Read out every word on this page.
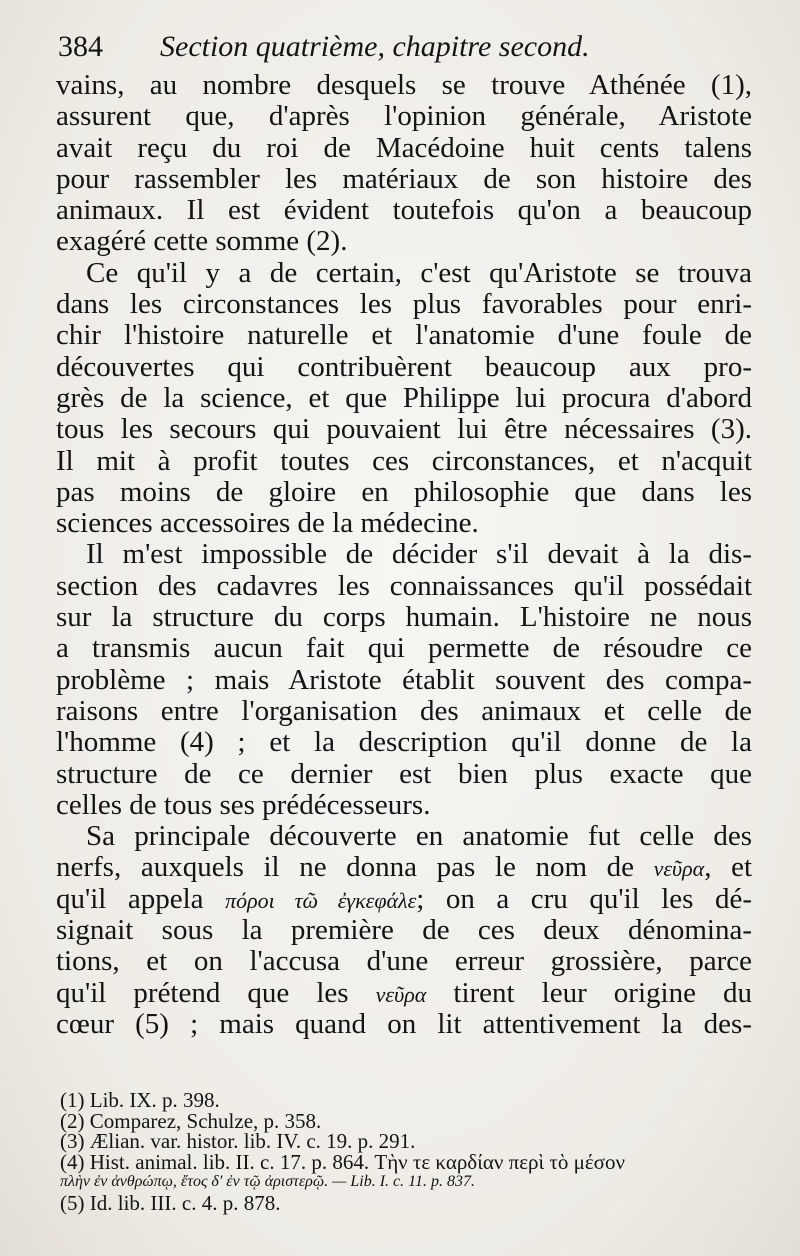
384 Section quatrième, chapitre second.
vains, au nombre desquels se trouve Athénée (1),
assurent que, d'après l'opinion générale, Aristote
avait reçu du roi de Macédoine huit cents talens
pour rassembler les matériaux de son histoire des
animaux. Il est évident toutefois qu'on a beaucoup
exagéré cette somme (2).
Ce qu'il y a de certain, c'est qu'Aristote se trouva
dans les circonstances les plus favorables pour enri-
chir l'histoire naturelle et l'anatomie d'une foule de
découvertes qui contribuèrent beaucoup aux pro-
grès de la science, et que Philippe lui procura d'abord
tous les secours qui pouvaient lui être nécessaires (3).
Il mit à profit toutes ces circonstances, et n'acquit
pas moins de gloire en philosophie que dans les
sciences accessoires de la médecine.
Il m'est impossible de décider s'il devait à la dis-
section des cadavres les connaissances qu'il possédait
sur la structure du corps humain. L'histoire ne nous
a transmis aucun fait qui permette de résoudre ce
problème ; mais Aristote établit souvent des compa-
raisons entre l'organisation des animaux et celle de
l'homme (4) ; et la description qu'il donne de la
structure de ce dernier est bien plus exacte que
celles de tous ses prédécesseurs.
Sa principale découverte en anatomie fut celle des
nerfs, auxquels il ne donna pas le nom de νεῦρα, et
qu'il appela πόροι τῶ ἐγκεφάλε; on a cru qu'il les dé-
signait sous la première de ces deux dénomina-
tions, et on l'accusa d'une erreur grossière, parce
qu'il prétend que les νεῦρα tirent leur origine du
cœur (5) ; mais quand on lit attentivement la des-
(1) Lib. IX. p. 398.
(2) Comparez, Schulze, p. 358.
(3) Ælian. var. histor. lib. IV. c. 19. p. 291.
(4) Hist. animal. lib. II. c. 17. p. 864. Τὴν τε καρδίαν περὶ τὸ μέσον
πλὴν ἐν ἀνθρώπῳ, ἔτος δ' ἐν τῷ ἀριστερῷ. — Lib. I. c. 11. p. 837.
(5) Id. lib. III. c. 4. p. 878.
